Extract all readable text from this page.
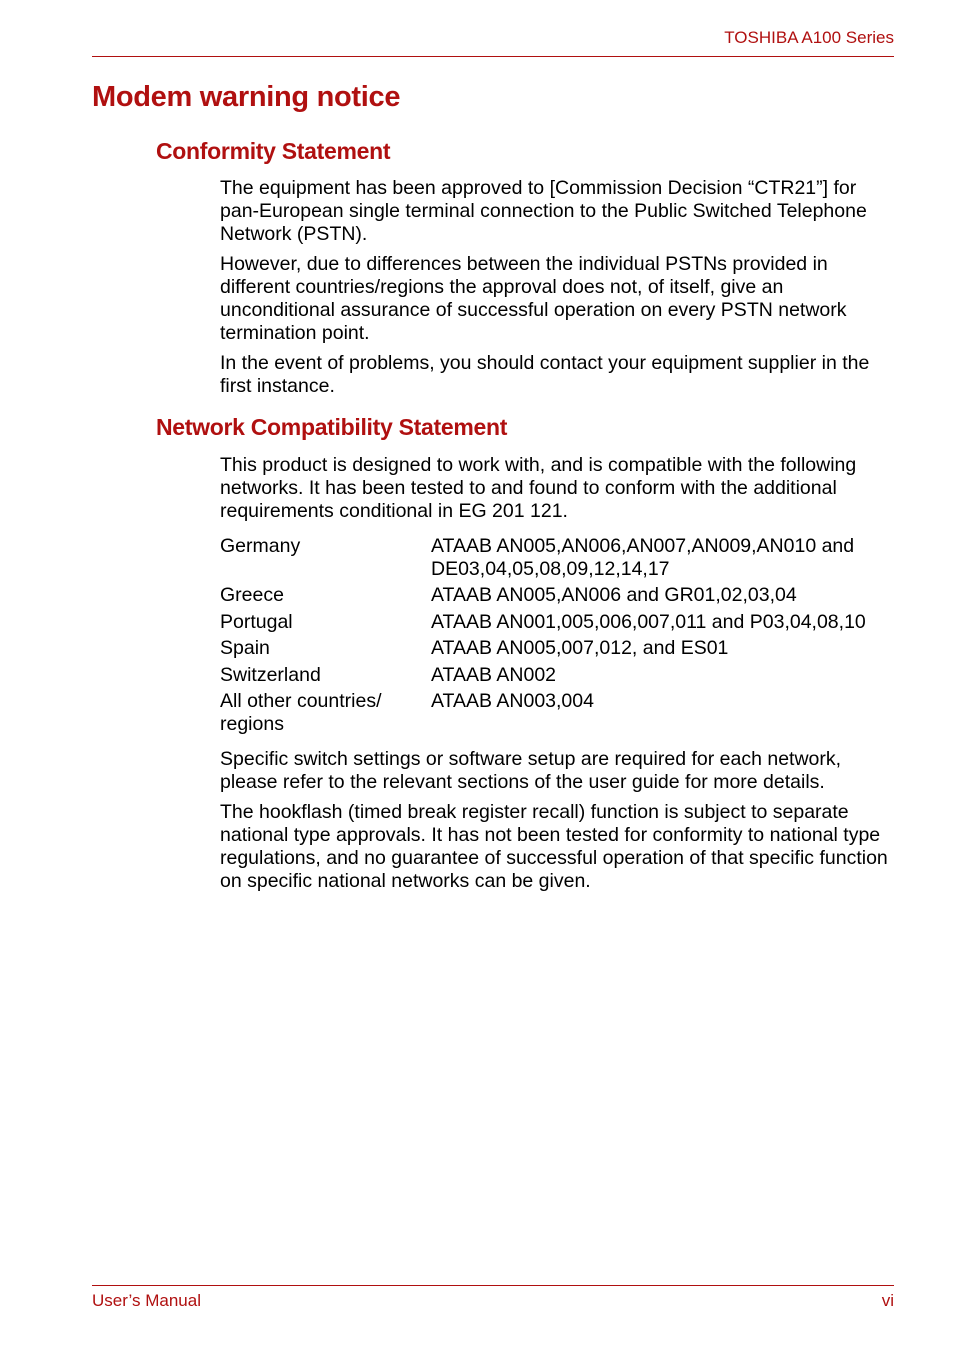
TOSHIBA A100 Series
Modem warning notice
Conformity Statement

The equipment has been approved to [Commission Decision “CTR21”] for pan-European single terminal connection to the Public Switched Telephone Network (PSTN).

However, due to differences between the individual PSTNs provided in different countries/regions the approval does not, of itself, give an unconditional assurance of successful operation on every PSTN network termination point.

In the event of problems, you should contact your equipment supplier in the first instance.

Network Compatibility Statement

This product is designed to work with, and is compatible with the following networks. It has been tested to and found to conform with the additional requirements conditional in EG 201 121.

Germany	ATAAB AN005,AN006,AN007,AN009,AN010 and DE03,04,05,08,09,12,14,17
Greece	ATAAB AN005,AN006 and GR01,02,03,04
Portugal	ATAAB AN001,005,006,007,011 and P03,04,08,10
Spain	ATAAB AN005,007,012, and ES01
Switzerland	ATAAB AN002
All other countries/ regions	ATAAB AN003,004

Specific switch settings or software setup are required for each network, please refer to the relevant sections of the user guide for more details.

The hookflash (timed break register recall) function is subject to separate national type approvals. It has not been tested for conformity to national type regulations, and no guarantee of successful operation of that specific function on specific national networks can be given.

User’s Manual	vi
